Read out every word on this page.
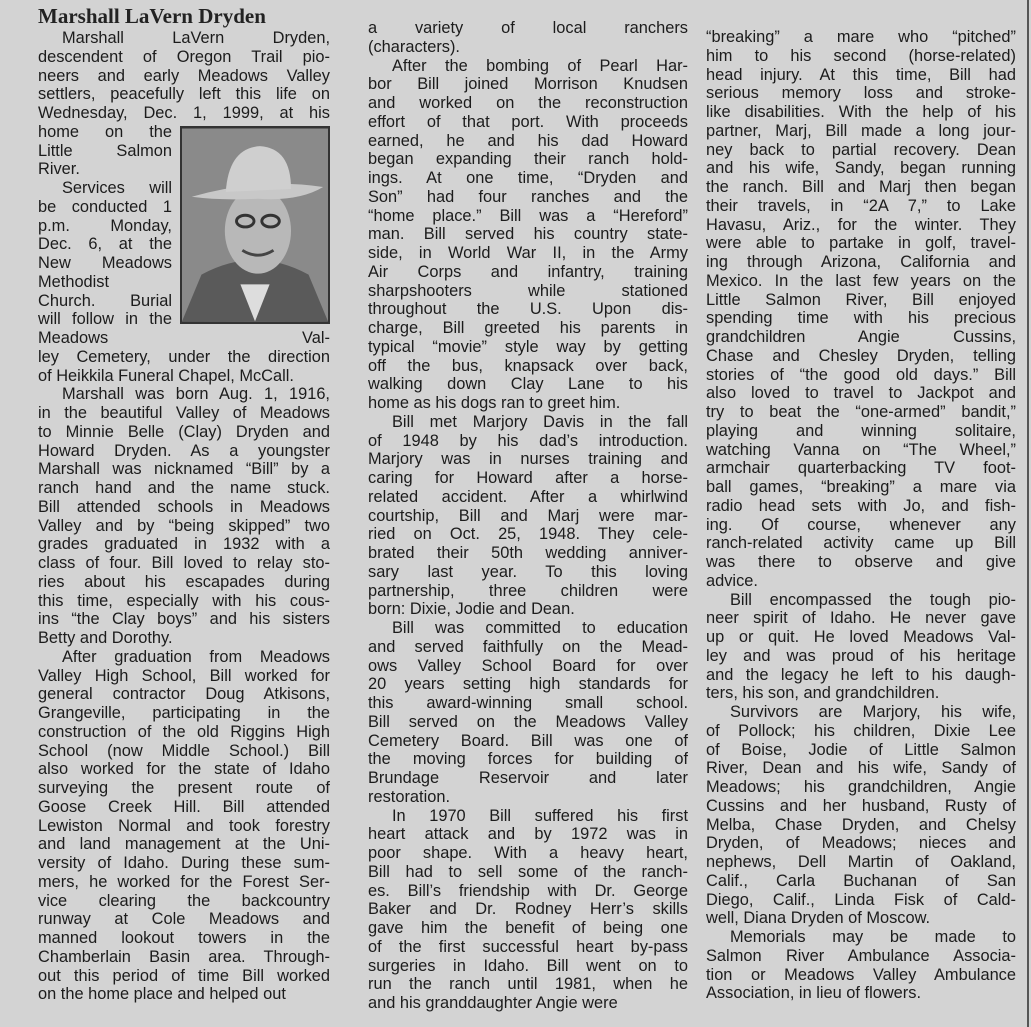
Marshall LaVern Dryden
Marshall LaVern Dryden,
descendent of Oregon Trail pio-
neers and early Meadows Valley
settlers, peacefully left this life on
Wednesday, Dec. 1, 1999, at his
home on the
Little Salmon
River.
Services will
be conducted 1
p.m. Monday,
Dec. 6, at the
New Meadows
Methodist
Church. Burial
will follow in the
Meadows Val-
ley Cemetery, under the direction
of Heikkila Funeral Chapel, McCall.
Marshall was born Aug. 1, 1916,
in the beautiful Valley of Meadows
to Minnie Belle (Clay) Dryden and
Howard Dryden. As a youngster
Marshall was nicknamed “Bill” by a
ranch hand and the name stuck.
Bill attended schools in Meadows
Valley and by “being skipped” two
grades graduated in 1932 with a
class of four. Bill loved to relay sto-
ries about his escapades during
this time, especially with his cous-
ins “the Clay boys” and his sisters
Betty and Dorothy.
After graduation from Meadows
Valley High School, Bill worked for
general contractor Doug Atkisons,
Grangeville, participating in the
construction of the old Riggins High
School (now Middle School.) Bill
also worked for the state of Idaho
surveying the present route of
Goose Creek Hill. Bill attended
Lewiston Normal and took forestry
and land management at the Uni-
versity of Idaho. During these sum-
mers, he worked for the Forest Ser-
vice clearing the backcountry
runway at Cole Meadows and
manned lookout towers in the
Chamberlain Basin area. Through-
out this period of time Bill worked
on the home place and helped out
a variety of local ranchers
(characters).
After the bombing of Pearl Har-
bor Bill joined Morrison Knudsen
and worked on the reconstruction
effort of that port. With proceeds
earned, he and his dad Howard
began expanding their ranch hold-
ings. At one time, “Dryden and
Son” had four ranches and the
“home place.” Bill was a “Hereford”
man. Bill served his country state-
side, in World War II, in the Army
Air Corps and infantry, training
sharpshooters while stationed
throughout the U.S. Upon dis-
charge, Bill greeted his parents in
typical “movie” style way by getting
off the bus, knapsack over back,
walking down Clay Lane to his
home as his dogs ran to greet him.
Bill met Marjory Davis in the fall
of 1948 by his dad’s introduction.
Marjory was in nurses training and
caring for Howard after a horse-
related accident. After a whirlwind
courtship, Bill and Marj were mar-
ried on Oct. 25, 1948. They cele-
brated their 50th wedding anniver-
sary last year. To this loving
partnership, three children were
born: Dixie, Jodie and Dean.
Bill was committed to education
and served faithfully on the Mead-
ows Valley School Board for over
20 years setting high standards for
this award-winning small school.
Bill served on the Meadows Valley
Cemetery Board. Bill was one of
the moving forces for building of
Brundage Reservoir and later
restoration.
In 1970 Bill suffered his first
heart attack and by 1972 was in
poor shape. With a heavy heart,
Bill had to sell some of the ranch-
es. Bill’s friendship with Dr. George
Baker and Dr. Rodney Herr’s skills
gave him the benefit of being one
of the first successful heart by-pass
surgeries in Idaho. Bill went on to
run the ranch until 1981, when he
and his granddaughter Angie were
“breaking” a mare who “pitched”
him to his second (horse-related)
head injury. At this time, Bill had
serious memory loss and stroke-
like disabilities. With the help of his
partner, Marj, Bill made a long jour-
ney back to partial recovery. Dean
and his wife, Sandy, began running
the ranch. Bill and Marj then began
their travels, in “2A 7,” to Lake
Havasu, Ariz., for the winter. They
were able to partake in golf, travel-
ing through Arizona, California and
Mexico. In the last few years on the
Little Salmon River, Bill enjoyed
spending time with his precious
grandchildren Angie Cussins,
Chase and Chesley Dryden, telling
stories of “the good old days.” Bill
also loved to travel to Jackpot and
try to beat the “one-armed” bandit,”
playing and winning solitaire,
watching Vanna on “The Wheel,”
armchair quarterbacking TV foot-
ball games, “breaking” a mare via
radio head sets with Jo, and fish-
ing. Of course, whenever any
ranch-related activity came up Bill
was there to observe and give
advice.
Bill encompassed the tough pio-
neer spirit of Idaho. He never gave
up or quit. He loved Meadows Val-
ley and was proud of his heritage
and the legacy he left to his daugh-
ters, his son, and grandchildren.
Survivors are Marjory, his wife,
of Pollock; his children, Dixie Lee
of Boise, Jodie of Little Salmon
River, Dean and his wife, Sandy of
Meadows; his grandchildren, Angie
Cussins and her husband, Rusty of
Melba, Chase Dryden, and Chelsy
Dryden, of Meadows; nieces and
nephews, Dell Martin of Oakland,
Calif., Carla Buchanan of San
Diego, Calif., Linda Fisk of Cald-
well, Diana Dryden of Moscow.
Memorials may be made to
Salmon River Ambulance Associa-
tion or Meadows Valley Ambulance
Association, in lieu of flowers.
